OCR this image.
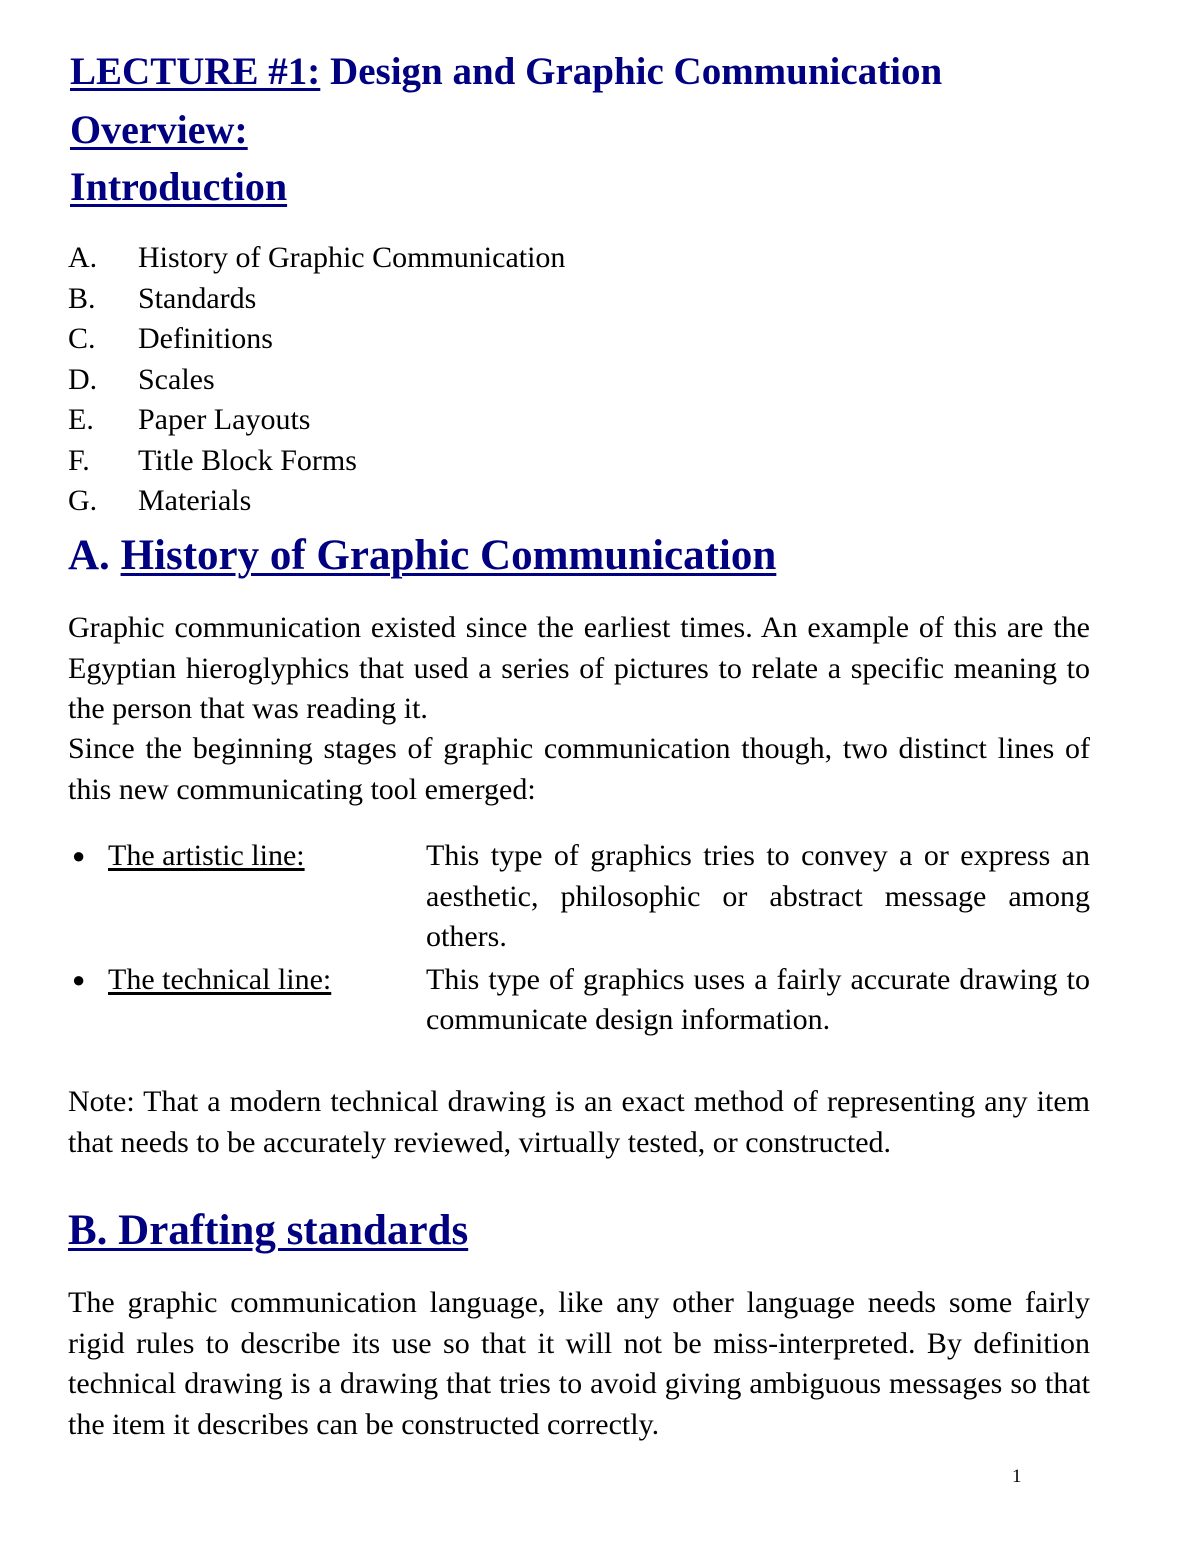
LECTURE #1: Design and Graphic Communication
Overview:
Introduction
A.	History of Graphic Communication
B.	Standards
C.	Definitions
D.	Scales
E.	Paper Layouts
F.	Title Block Forms
G.	Materials
A. History of Graphic Communication

Graphic communication existed since the earliest times. An example of this are the Egyptian hieroglyphics that used a series of pictures to relate a specific meaning to the person that was reading it.

Since the beginning stages of graphic communication though, two distinct lines of this new communicating tool emerged:

● The artistic line:	This type of graphics tries to convey a or express an aesthetic, philosophic or abstract message among others.
● The technical line:	This type of graphics uses a fairly accurate drawing to communicate design information.

Note: That a modern technical drawing is an exact method of representing any item that needs to be accurately reviewed, virtually tested, or constructed.

B. Drafting standards

The graphic communication language, like any other language needs some fairly rigid rules to describe its use so that it will not be miss-interpreted. By definition technical drawing is a drawing that tries to avoid giving ambiguous messages so that the item it describes can be constructed correctly.

1
